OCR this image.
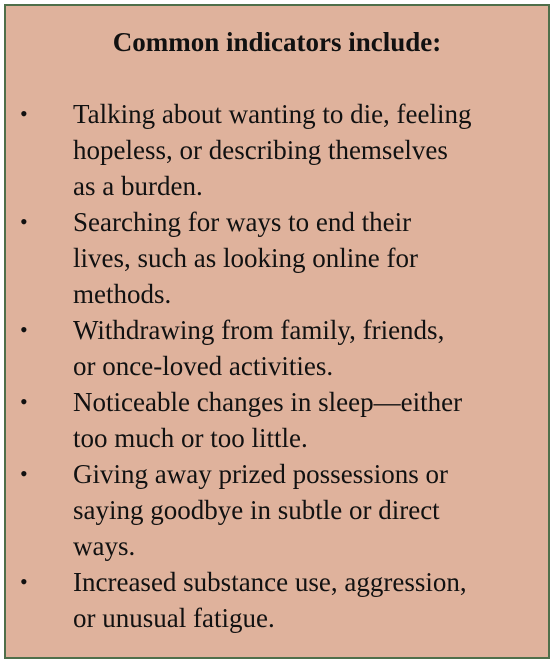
Common indicators include:
• Talking about wanting to die, feeling
hopeless, or describing themselves
as a burden.
• Searching for ways to end their
lives, such as looking online for
methods.
• Withdrawing from family, friends,
or once-loved activities.
• Noticeable changes in sleep—either
too much or too little.
• Giving away prized possessions or
saying goodbye in subtle or direct
ways.
• Increased substance use, aggression,
or unusual fatigue.
